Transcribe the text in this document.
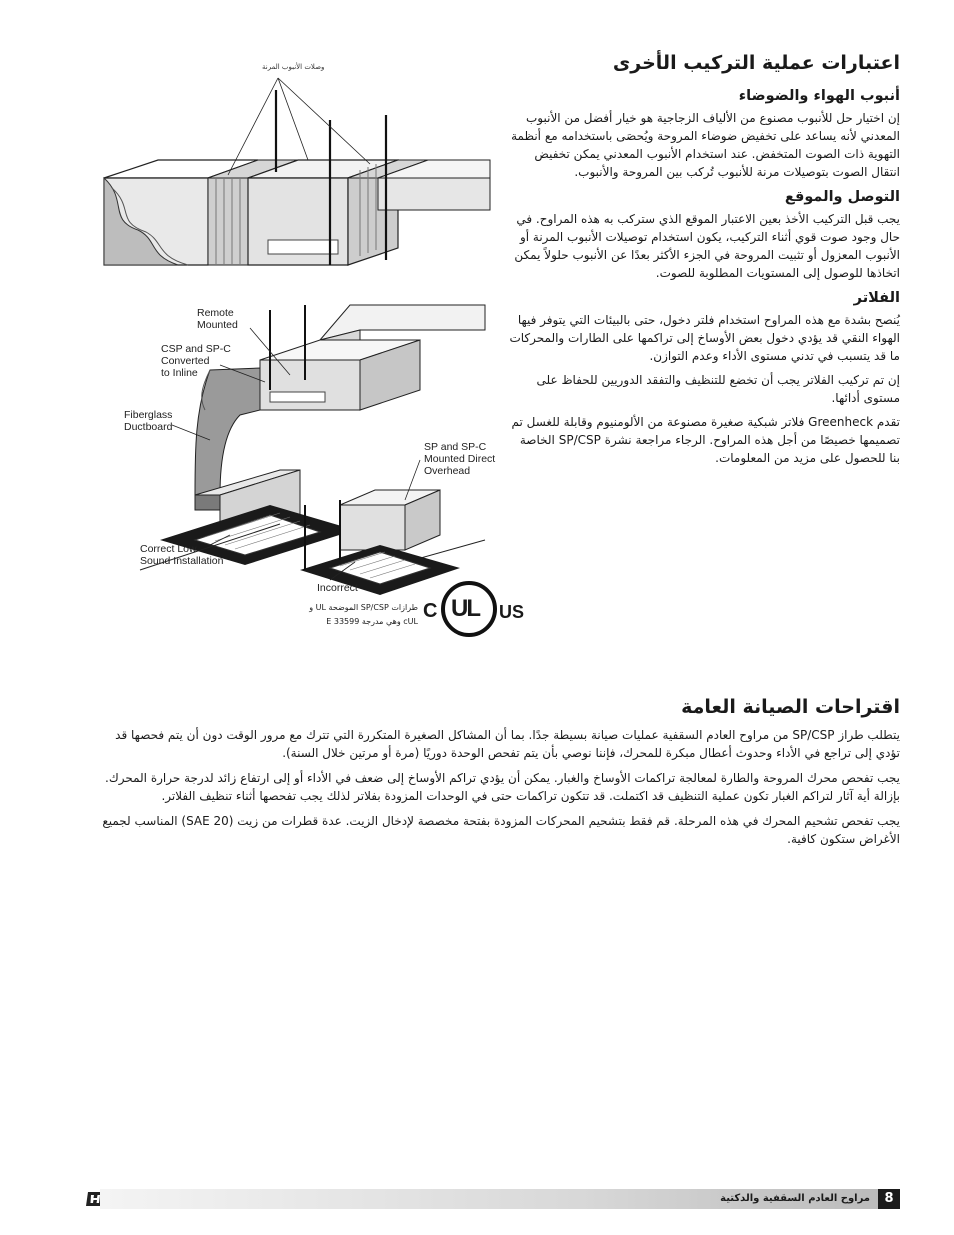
وصلات الأنبوب المرنة
Remote
Mounted
CSP and SP-C
Converted
to Inline
Fiberglass
Ductboard
SP and SP-C
Mounted Direct
Overhead
Correct Low
Sound Installation
Incorrect
طرازات SP/CSP الموضحة UL و
cUL وهي مدرجة E 33599 C UL US
اعتبارات عملية التركيب الأخرى
أنبوب الهواء والضوضاء

إن اختيار حل للأنبوب مصنوع من الألياف الزجاجية هو خيار أفضل من الأنبوب المعدني لأنه يساعد على تخفيض ضوضاء المروحة ويُحصَى باستخدامه مع أنظمة التهوية ذات الصوت المتخفض. عند استخدام الأنبوب المعدني يمكن تخفيض انتقال الصوت بتوصيلات مرنة للأنبوب تُركب بين المروحة والأنبوب.

التوصل والموقع

يجب قبل التركيب الأخذ بعين الاعتبار الموقع الذي ستركب به هذه المراوح. في حال وجود صوت قوي أثناء التركيب، يكون استخدام توصيلات الأنبوب المرنة أو الأنبوب المعزول أو تثبيت المروحة في الجزء الأكثر بعدًا عن الأنبوب حلولاً يمكن اتخاذها للوصول إلى المستويات المطلوبة للصوت.

الفلاتر

يُنصح بشدة مع هذه المراوح استخدام فلتر دخول، حتى بالبيئات التي يتوفر فيها الهواء النقي قد يؤدي دخول بعض الأوساخ إلى تراكمها على الطارات والمحركات ما قد يتسبب في تدني مستوى الأداء وعدم التوازن.

إن تم تركيب الفلاتر يجب أن تخضع للتنظيف والتفقد الدوريين للحفاظ على مستوى أدائها.

تقدم Greenheck فلاتر شبكية صغيرة مصنوعة من الألومنيوم وقابلة للغسل تم تصميمها خصيصًا من أجل هذه المراوح. الرجاء مراجعة نشرة SP/CSP الخاصة بنا للحصول على مزيد من المعلومات.

اقتراحات الصيانة العامة

يتطلب طراز SP/CSP من مراوح العادم السقفية عمليات صيانة بسيطة جدًا. بما أن المشاكل الصغيرة المتكررة التي تترك مع مرور الوقت دون أن يتم فحصها قد تؤدي إلى تراجع في الأداء وحدوث أعطال مبكرة للمحرك، فإننا نوصي بأن يتم تفحص الوحدة دوريًا (مرة أو مرتين خلال السنة).

يجب تفحص محرك المروحة والطارة لمعالجة تراكمات الأوساخ والغبار. يمكن أن يؤدي تراكم الأوساخ إلى ضعف في الأداء أو إلى ارتفاع زائد لدرجة حرارة المحرك. بإزالة أية آثار لتراكم الغبار تكون عملية التنظيف قد اكتملت. قد تتكون تراكمات حتى في الوحدات المزودة بفلاتر لذلك يجب تفحصها أثناء تنظيف الفلاتر.

يجب تفحص تشحيم المحرك في هذه المرحلة. قم فقط بتشحيم المحركات المزودة بفتحة مخصصة لإدخال الزيت. عدة قطرات من زيت (SAE 20) المناسب لجميع الأغراض ستكون كافية.

مراوح العادم السقفية والدكتية	8
